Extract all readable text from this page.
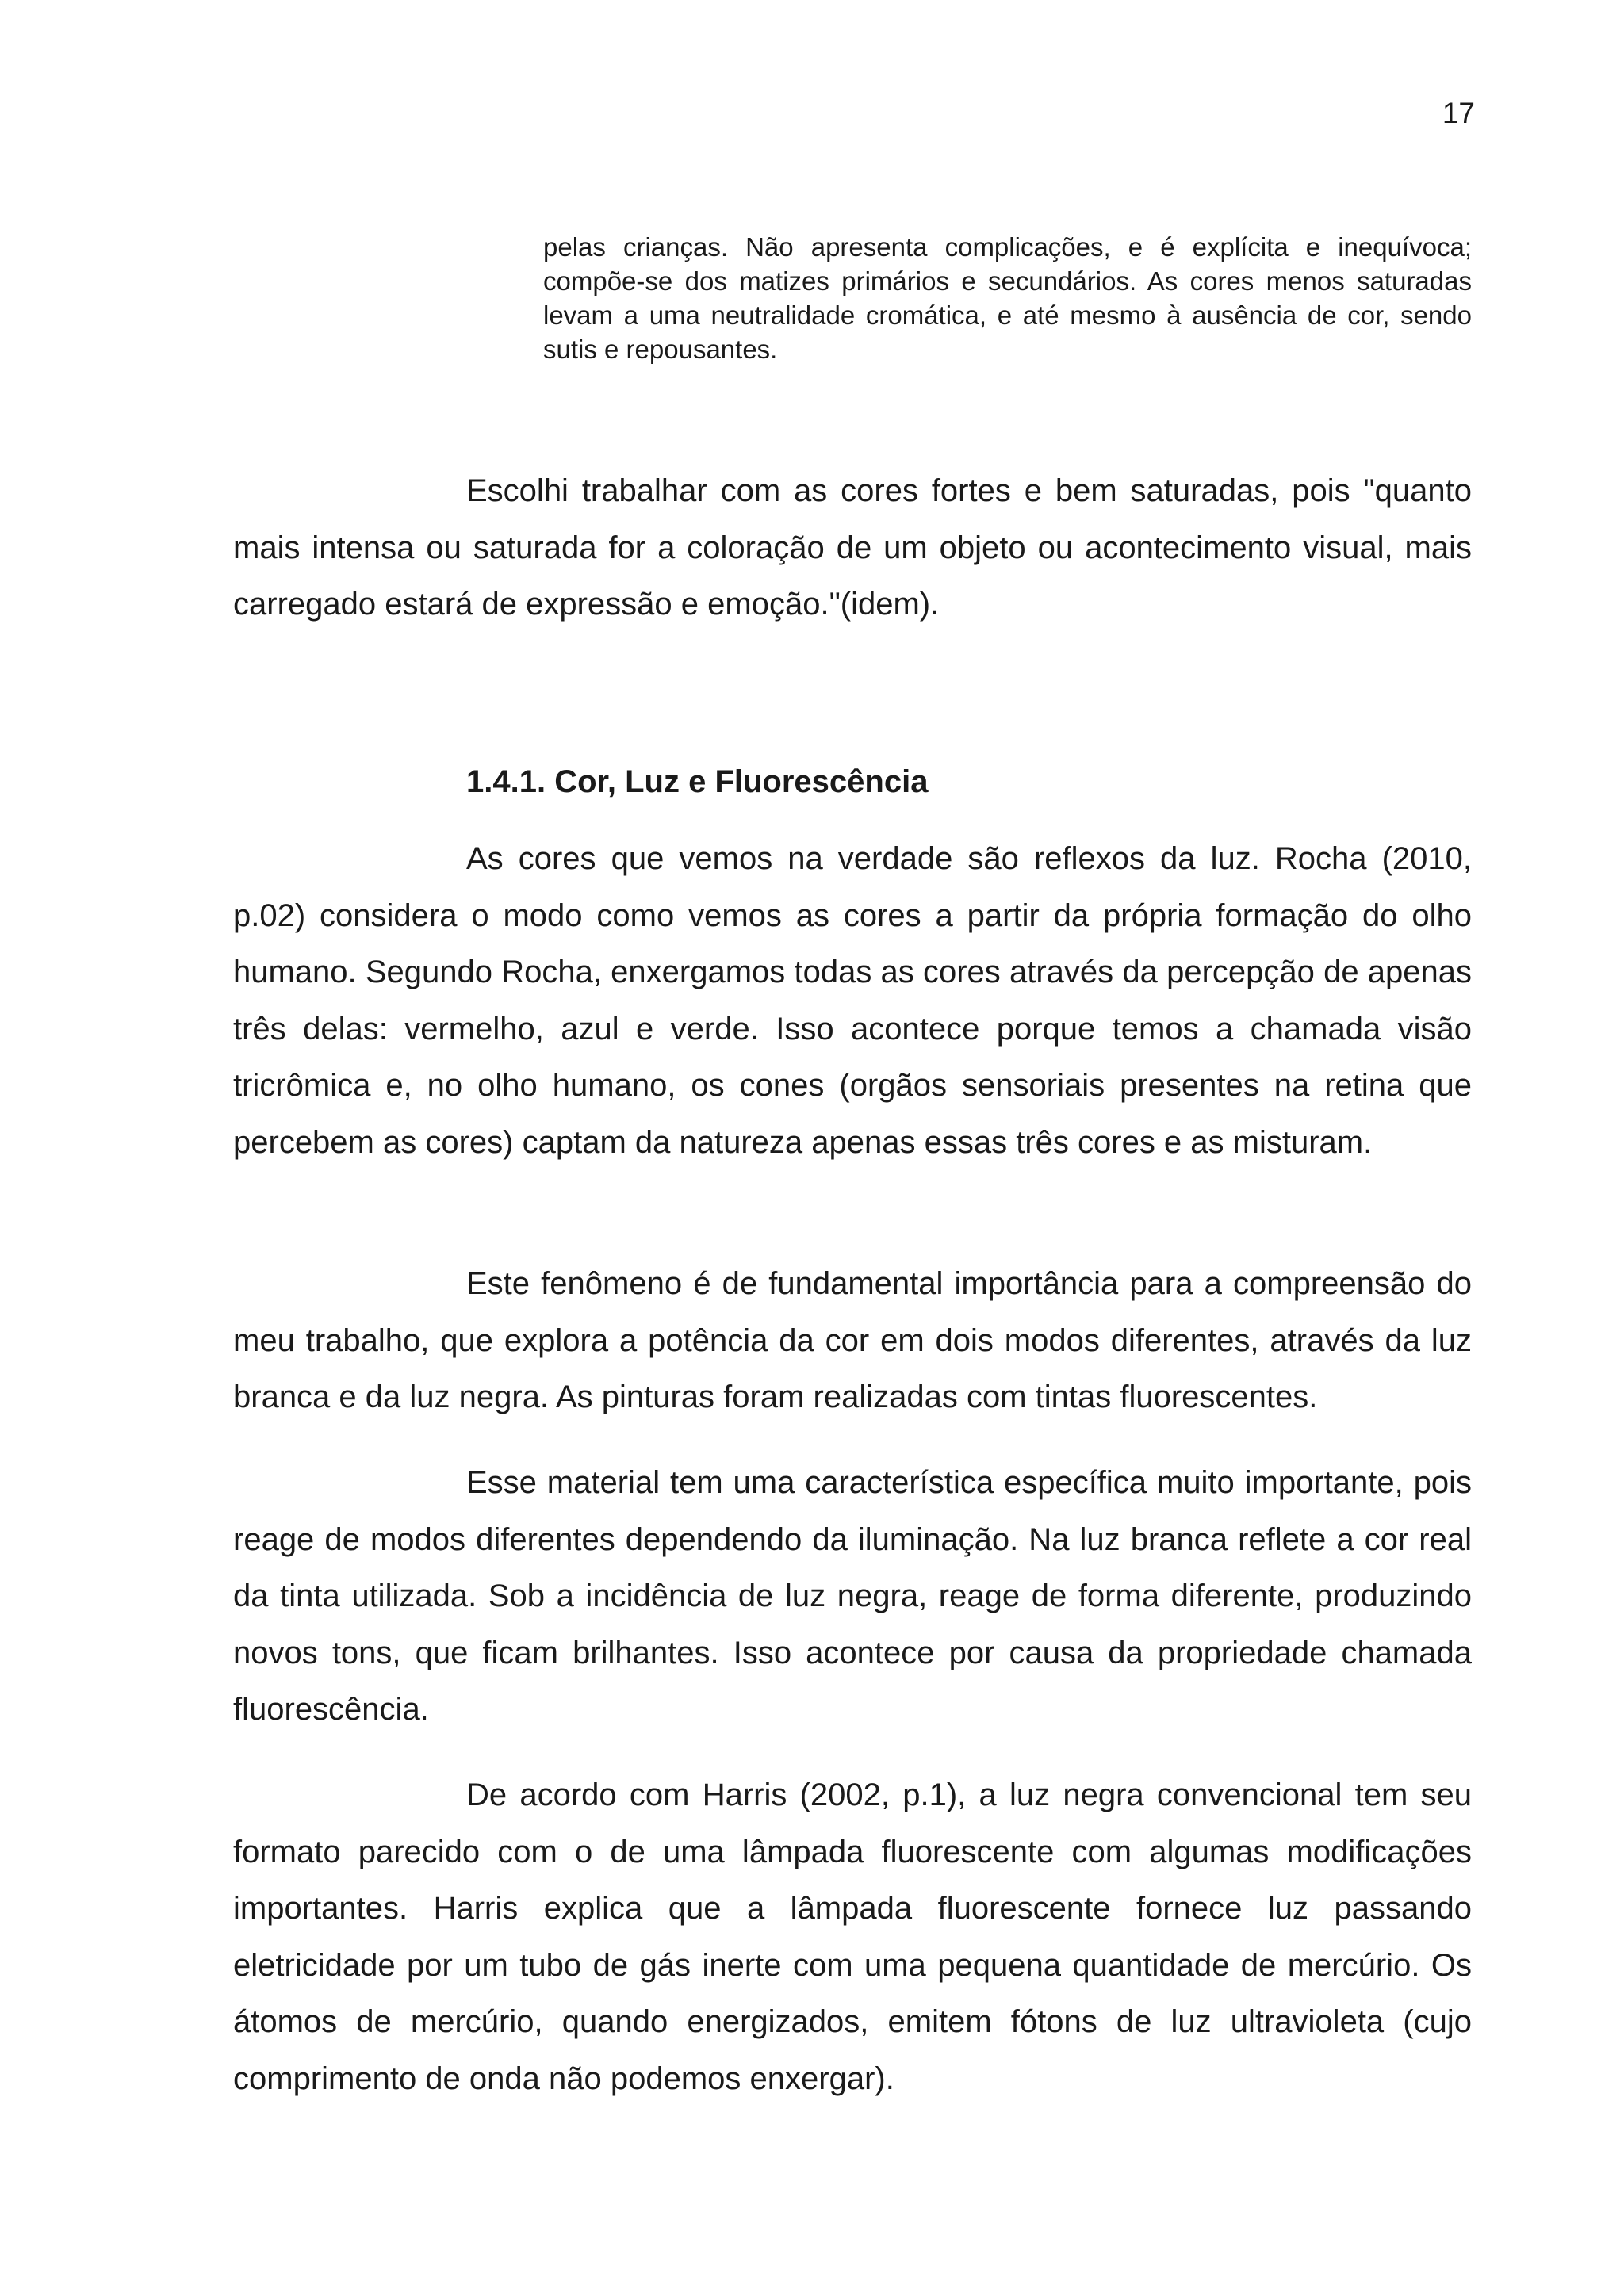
17
pelas crianças. Não apresenta complicações, e é explícita e inequívoca; compõe-se dos matizes primários e secundários. As cores menos saturadas levam a uma neutralidade cromática, e até mesmo à ausência de cor, sendo sutis e repousantes.

Escolhi trabalhar com as cores fortes e bem saturadas, pois "quanto mais intensa ou saturada for a coloração de um objeto ou acontecimento visual, mais carregado estará de expressão e emoção."(idem).

1.4.1. Cor, Luz e Fluorescência

As cores que vemos na verdade são reflexos da luz. Rocha (2010, p.02) considera o modo como vemos as cores a partir da própria formação do olho humano. Segundo Rocha, enxergamos todas as cores através da percepção de apenas três delas: vermelho, azul e verde. Isso acontece porque temos a chamada visão tricrômica e, no olho humano, os cones (orgãos sensoriais presentes na retina que percebem as cores) captam da natureza apenas essas três cores e as misturam.

Este fenômeno é de fundamental importância para a compreensão do meu trabalho, que explora a potência da cor em dois modos diferentes, através da luz branca e da luz negra. As pinturas foram realizadas com tintas fluorescentes.

Esse material tem uma característica específica muito importante, pois reage de modos diferentes dependendo da iluminação. Na luz branca reflete a cor real da tinta utilizada. Sob a incidência de luz negra, reage de forma diferente, produzindo novos tons, que ficam brilhantes. Isso acontece por causa da propriedade chamada fluorescência.

De acordo com Harris (2002, p.1), a luz negra convencional tem seu formato parecido com o de uma lâmpada fluorescente com algumas modificações importantes. Harris explica que a lâmpada fluorescente fornece luz passando eletricidade por um tubo de gás inerte com uma pequena quantidade de mercúrio. Os átomos de mercúrio, quando energizados, emitem fótons de luz ultravioleta (cujo comprimento de onda não podemos enxergar).
